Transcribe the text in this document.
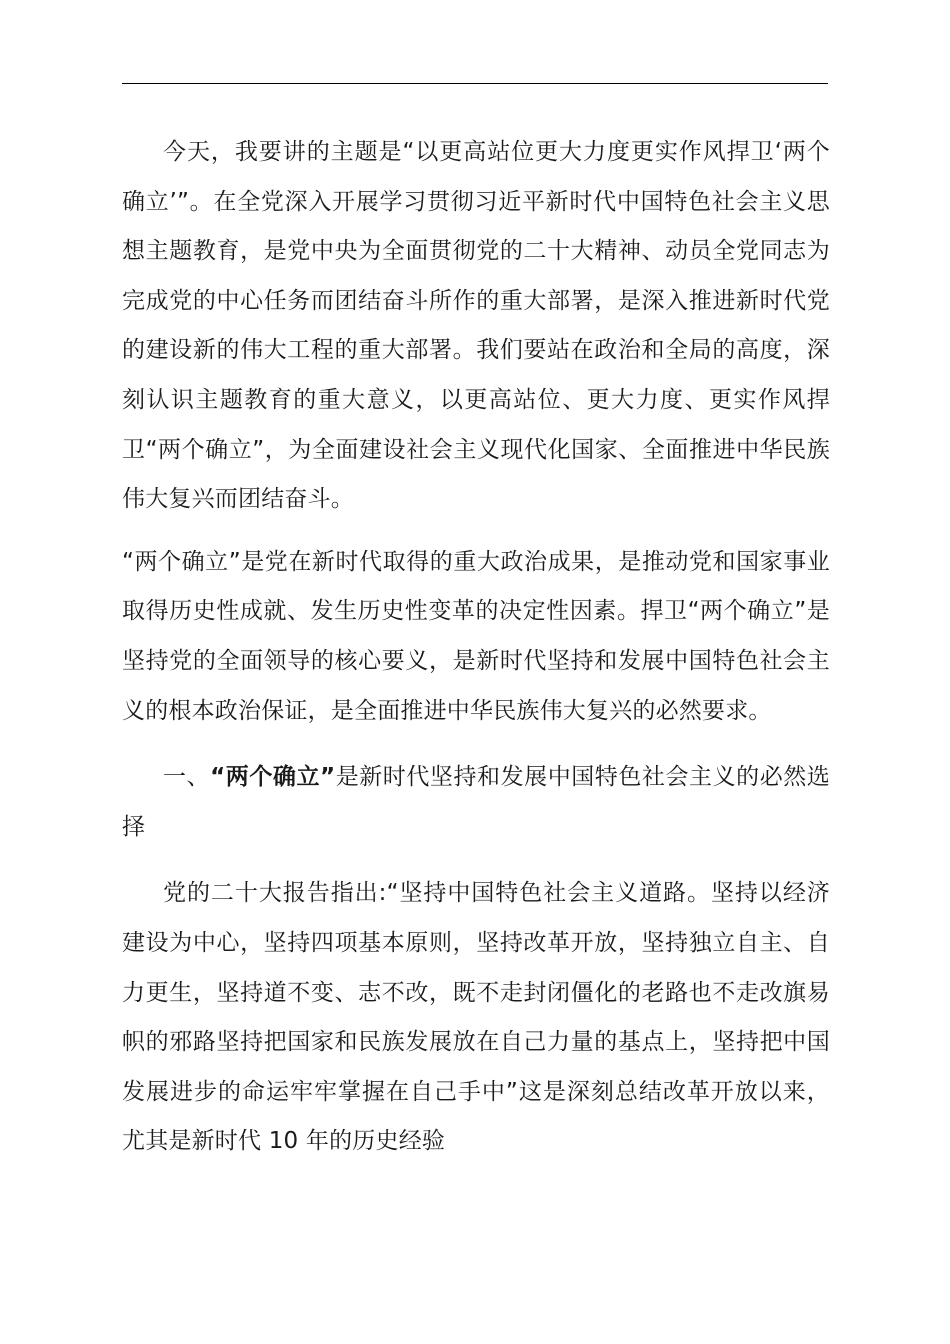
今天，我要讲的主题是“以更高站位更大力度更实作风捍卫‘两个确立’”。在全党深入开展学习贯彻习近平新时代中国特色社会主义思想主题教育，是党中央为全面贯彻党的二十大精神、动员全党同志为完成党的中心任务而团结奋斗所作的重大部署，是深入推进新时代党的建设新的伟大工程的重大部署。我们要站在政治和全局的高度，深刻认识主题教育的重大意义，以更高站位、更大力度、更实作风捍卫“两个确立”，为全面建设社会主义现代化国家、全面推进中华民族伟大复兴而团结奋斗。

“两个确立”是党在新时代取得的重大政治成果，是推动党和国家事业取得历史性成就、发生历史性变革的决定性因素。捍卫“两个确立”是坚持党的全面领导的核心要义，是新时代坚持和发展中国特色社会主义的根本政治保证，是全面推进中华民族伟大复兴的必然要求。

一、“两个确立”是新时代坚持和发展中国特色社会主义的必然选择

党的二十大报告指出:“坚持中国特色社会主义道路。坚持以经济建设为中心，坚持四项基本原则，坚持改革开放，坚持独立自主、自力更生，坚持道不变、志不改，既不走封闭僵化的老路也不走改旗易帜的邪路坚持把国家和民族发展放在自己力量的基点上，坚持把中国发展进步的命运牢牢掌握在自己手中”这是深刻总结改革开放以来，尤其是新时代 10 年的历史经验
